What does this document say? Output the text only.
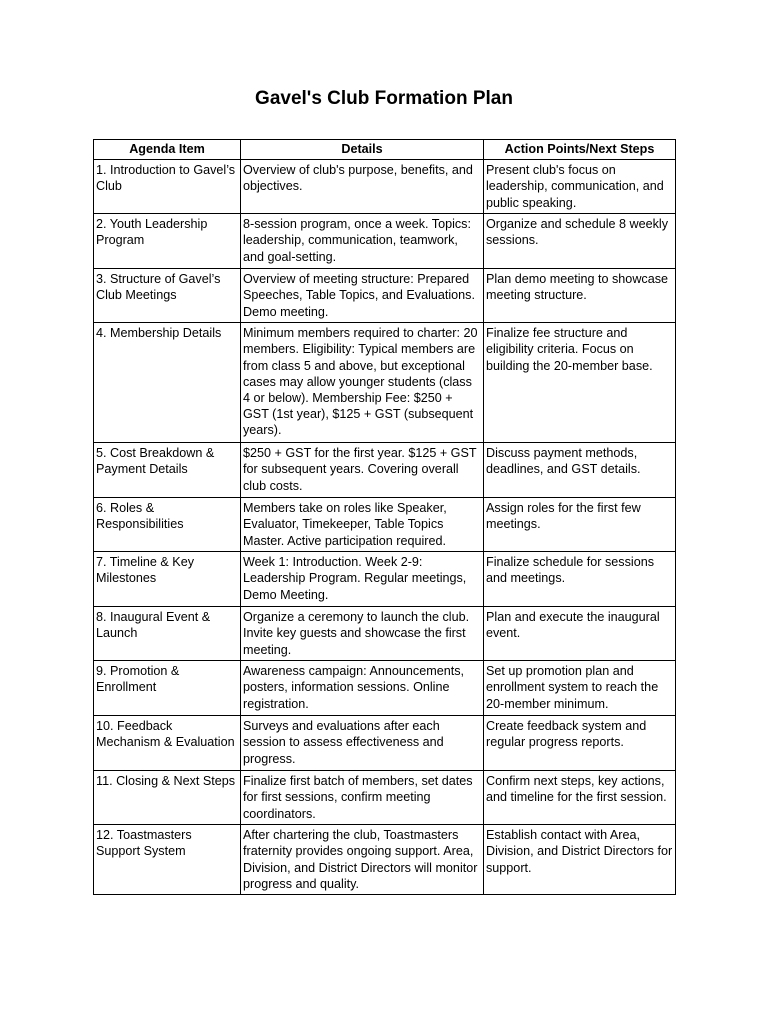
Gavel's Club Formation Plan
Agenda Item	Details	Action Points/Next Steps
1. Introduction to Gavel’s Club	Overview of club's purpose, benefits, and objectives.	Present club's focus on leadership, communication, and public speaking.
2. Youth Leadership Program	8-session program, once a week. Topics: leadership, communication, teamwork, and goal-setting.	Organize and schedule 8 weekly sessions.
3. Structure of Gavel’s Club Meetings	Overview of meeting structure: Prepared Speeches, Table Topics, and Evaluations. Demo meeting.	Plan demo meeting to showcase meeting structure.
4. Membership Details	Minimum members required to charter: 20 members. Eligibility: Typical members are from class 5 and above, but exceptional cases may allow younger students (class 4 or below). Membership Fee: $250 + GST (1st year), $125 + GST (subsequent years).	Finalize fee structure and eligibility criteria. Focus on building the 20-member base.
5. Cost Breakdown & Payment Details	$250 + GST for the first year. $125 + GST for subsequent years. Covering overall club costs.	Discuss payment methods, deadlines, and GST details.
6. Roles & Responsibilities	Members take on roles like Speaker, Evaluator, Timekeeper, Table Topics Master. Active participation required.	Assign roles for the first few meetings.
7. Timeline & Key Milestones	Week 1: Introduction. Week 2-9: Leadership Program. Regular meetings, Demo Meeting.	Finalize schedule for sessions and meetings.
8. Inaugural Event & Launch	Organize a ceremony to launch the club. Invite key guests and showcase the first meeting.	Plan and execute the inaugural event.
9. Promotion & Enrollment	Awareness campaign: Announcements, posters, information sessions. Online registration.	Set up promotion plan and enrollment system to reach the 20-member minimum.
10. Feedback Mechanism & Evaluation	Surveys and evaluations after each session to assess effectiveness and progress.	Create feedback system and regular progress reports.
11. Closing & Next Steps	Finalize first batch of members, set dates for first sessions, confirm meeting coordinators.	Confirm next steps, key actions, and timeline for the first session.
12. Toastmasters Support System	After chartering the club, Toastmasters fraternity provides ongoing support. Area, Division, and District Directors will monitor progress and quality.	Establish contact with Area, Division, and District Directors for support.
